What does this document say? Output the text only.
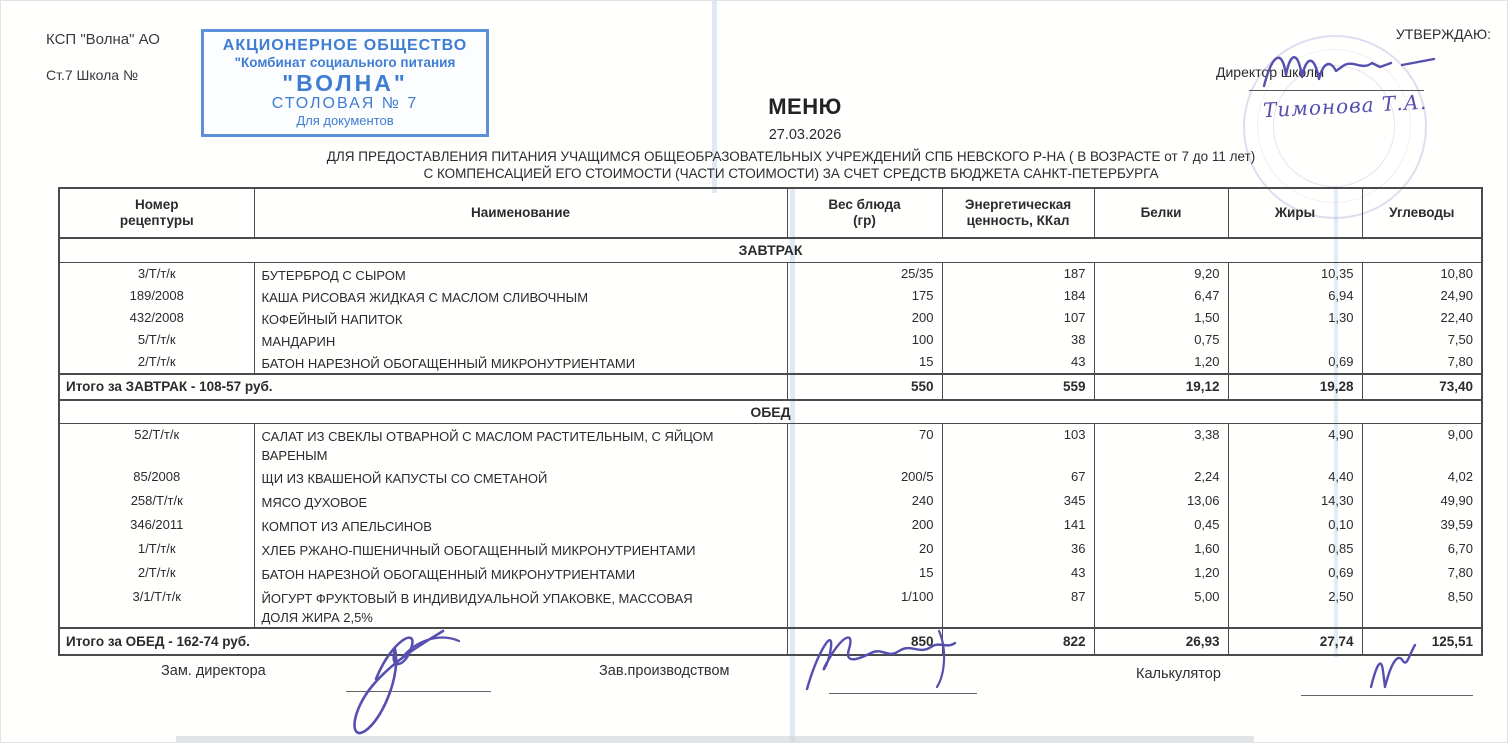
КСП "Волна" АО
Ст.7 Школа №
АКЦИОНЕРНОЕ ОБЩЕСТВО
"Комбинат социального питания
"ВОЛНА"
СТОЛОВАЯ № 7
Для документов
УТВЕРЖДАЮ:
Директор школы
Тимонова Т.А.
МЕНЮ
27.03.2026
ДЛЯ ПРЕДОСТАВЛЕНИЯ ПИТАНИЯ УЧАЩИМСЯ ОБЩЕОБРАЗОВАТЕЛЬНЫХ УЧРЕЖДЕНИЙ СПБ НЕВСКОГО Р-НА ( В ВОЗРАСТЕ от 7 до 11 лет)
С КОМПЕНСАЦИЕЙ ЕГО СТОИМОСТИ (ЧАСТИ СТОИМОСТИ) ЗА СЧЕТ СРЕДСТВ БЮДЖЕТА САНКТ-ПЕТЕРБУРГА
Номер рецептуры	Наименование	Вес блюда (гр)	Энергетическая ценность, ККал	Белки	Жиры	Углеводы
ЗАВТРАК						
3/Т/т/к	БУТЕРБРОД С СЫРОМ	25/35	187	9,20	10,35	10,80
189/2008	КАША РИСОВАЯ ЖИДКАЯ С МАСЛОМ СЛИВОЧНЫМ	175	184	6,47	6,94	24,90
432/2008	КОФЕЙНЫЙ НАПИТОК	200	107	1,50	1,30	22,40
5/Т/т/к	МАНДАРИН	100	38	0,75		7,50
2/Т/т/к	БАТОН НАРЕЗНОЙ ОБОГАЩЕННЫЙ МИКРОНУТРИЕНТАМИ	15	43	1,20	0,69	7,80
Итого за ЗАВТРАК - 108-57 руб.		550	559	19,12	19,28	73,40
ОБЕД						
52/Т/т/к	САЛАТ ИЗ СВЕКЛЫ ОТВАРНОЙ С МАСЛОМ РАСТИТЕЛЬНЫМ, С ЯЙЦОМ ВАРЕНЫМ	70	103	3,38	4,90	9,00
85/2008	ЩИ ИЗ КВАШЕНОЙ КАПУСТЫ СО СМЕТАНОЙ	200/5	67	2,24	4,40	4,02
258/Т/т/к	МЯСО ДУХОВОЕ	240	345	13,06	14,30	49,90
346/2011	КОМПОТ ИЗ АПЕЛЬСИНОВ	200	141	0,45	0,10	39,59
1/Т/т/к	ХЛЕБ РЖАНО-ПШЕНИЧНЫЙ ОБОГАЩЕННЫЙ МИКРОНУТРИЕНТАМИ	20	36	1,60	0,85	6,70
2/Т/т/к	БАТОН НАРЕЗНОЙ ОБОГАЩЕННЫЙ МИКРОНУТРИЕНТАМИ	15	43	1,20	0,69	7,80
3/1/Т/т/к	ЙОГУРТ ФРУКТОВЫЙ В ИНДИВИДУАЛЬНОЙ УПАКОВКЕ, МАССОВАЯ ДОЛЯ ЖИРА 2,5%	1/100	87	5,00	2,50	8,50
Итого за ОБЕД - 162-74 руб.		850	822	26,93	27,74	125,51
Зам. директора	Зав.производством	Калькулятор
